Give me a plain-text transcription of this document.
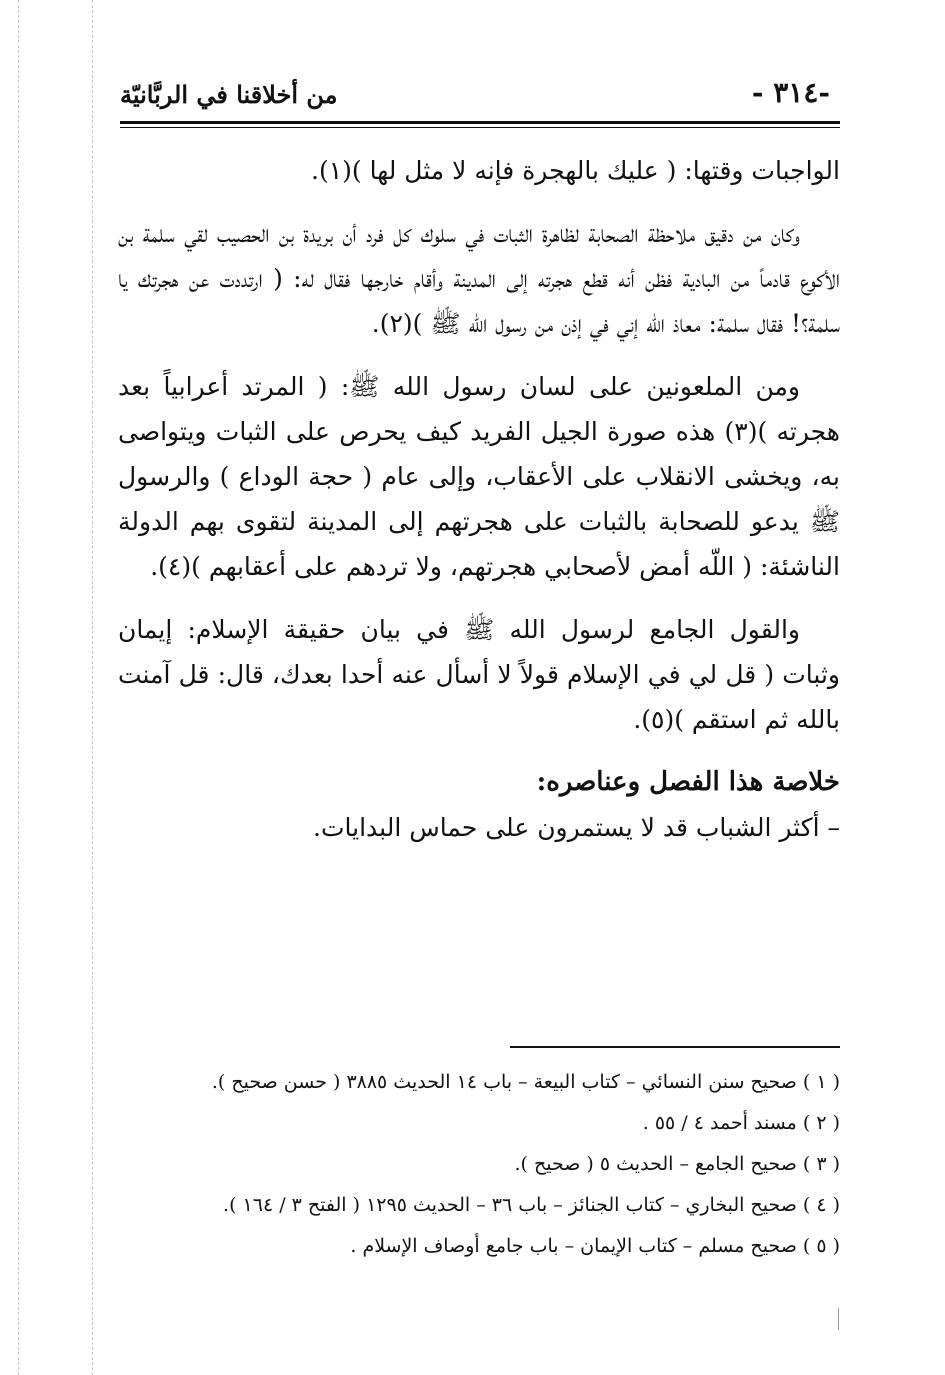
-٣١٤ -
من أخلاقنا في الربَّانيّة

الواجبات وقتها: ( عليك بالهجرة فإنه لا مثل لها )(١).

وكان من دقيق ملاحظة الصحابة لظاهرة الثبات في سلوك كل فرد أن بريدة بن الحصيب لقي سلمة بن الأكوع قادماً من البادية فظن أنه قطع هجرته إلى المدينة وأقام خارجها فقال له: ( ارتددت عن هجرتك يا سلمة؟! فقال سلمة: معاذ الله إني في إذن من رسول الله ﷺ )(٢).

ومن الملعونين على لسان رسول الله ﷺ: ( المرتد أعرابياً بعد هجرته )(٣) هذه صورة الجيل الفريد كيف يحرص على الثبات ويتواصى به، ويخشى الانقلاب على الأعقاب، وإلى عام ( حجة الوداع ) والرسول ﷺ يدعو للصحابة بالثبات على هجرتهم إلى المدينة لتقوى بهم الدولة الناشئة: ( اللّه أمض لأصحابي هجرتهم، ولا تردهم على أعقابهم )(٤).

والقول الجامع لرسول الله ﷺ في بيان حقيقة الإسلام: إيمان وثبات ( قل لي في الإسلام قولاً لا أسأل عنه أحدا بعدك، قال: قل آمنت بالله ثم استقم )(٥).

خلاصة هذا الفصل وعناصره:
– أكثر الشباب قد لا يستمرون على حماس البدايات.
( ١ ) صحيح سنن النسائي – كتاب البيعة – باب ١٤ الحديث ٣٨٨٥ ( حسن صحيح ).
( ٢ ) مسند أحمد ٤ / ٥٥ .
( ٣ ) صحيح الجامع – الحديث ٥ ( صحيح ).
( ٤ ) صحيح البخاري – كتاب الجنائز – باب ٣٦ – الحديث ١٢٩٥ ( الفتح ٣ / ١٦٤ ).
( ٥ ) صحيح مسلم – كتاب الإيمان – باب جامع أوصاف الإسلام .
